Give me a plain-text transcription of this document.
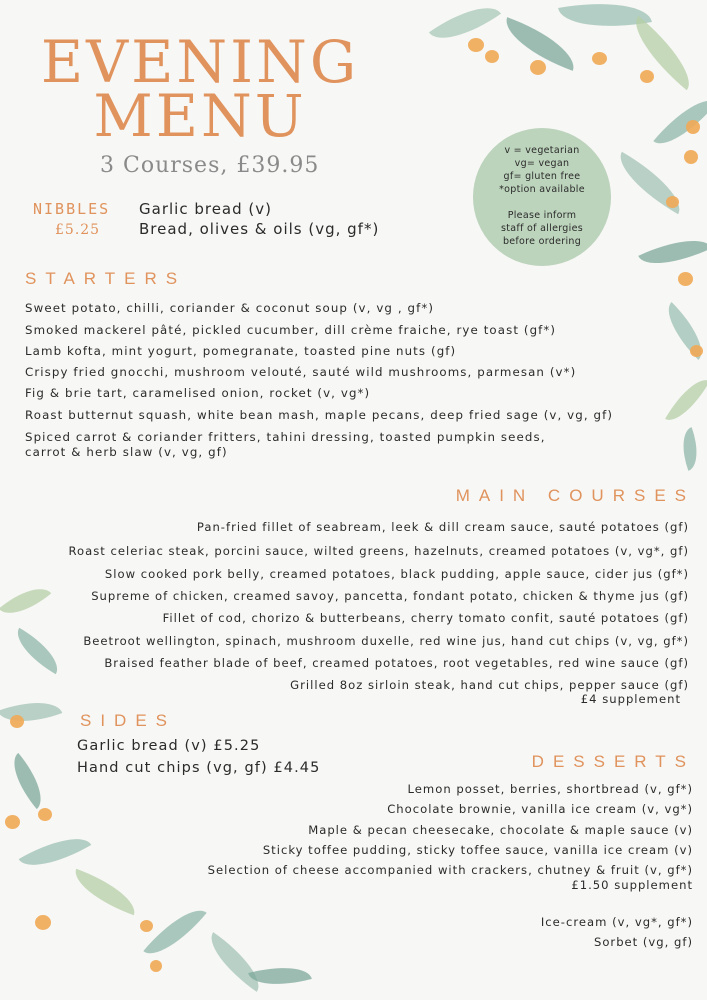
EVENING
MENU
3 Courses, £39.95
NIBBLES
£5.25
Garlic bread (v)
Bread, olives & oils (vg, gf*)
v = vegetarian
vg= vegan
gf= gluten free
*option available
Please inform
staff of allergies
before ordering
STARTERS
Sweet potato, chilli, coriander & coconut soup (v, vg , gf*)
Smoked mackerel pâté, pickled cucumber, dill crème fraiche, rye toast (gf*)
Lamb kofta, mint yogurt, pomegranate, toasted pine nuts (gf)
Crispy fried gnocchi, mushroom velouté, sauté wild mushrooms, parmesan (v*)
Fig & brie tart, caramelised onion, rocket (v, vg*)
Roast butternut squash, white bean mash, maple pecans, deep fried sage (v, vg, gf)
Spiced carrot & coriander fritters, tahini dressing, toasted pumpkin seeds,
carrot & herb slaw (v, vg, gf)
MAIN COURSES
Pan-fried fillet of seabream, leek & dill cream sauce, sauté potatoes (gf)
Roast celeriac steak, porcini sauce, wilted greens, hazelnuts, creamed potatoes (v, vg*, gf)
Slow cooked pork belly, creamed potatoes, black pudding, apple sauce, cider jus (gf*)
Supreme of chicken, creamed savoy, pancetta, fondant potato, chicken & thyme jus (gf)
Fillet of cod, chorizo & butterbeans, cherry tomato confit, sauté potatoes (gf)
Beetroot wellington, spinach, mushroom duxelle, red wine jus, hand cut chips (v, vg, gf*)
Braised feather blade of beef, creamed potatoes, root vegetables, red wine sauce (gf)
Grilled 8oz sirloin steak, hand cut chips, pepper sauce (gf)
£4 supplement
SIDES
Garlic bread (v) £5.25
Hand cut chips (vg, gf) £4.45	DESSERTS
Lemon posset, berries, shortbread (v, gf*)
Chocolate brownie, vanilla ice cream (v, vg*)
Maple & pecan cheesecake, chocolate & maple sauce (v)
Sticky toffee pudding, sticky toffee sauce, vanilla ice cream (v)
Selection of cheese accompanied with crackers, chutney & fruit (v, gf*)
£1.50 supplement
Ice-cream (v, vg*, gf*)
Sorbet (vg, gf)
